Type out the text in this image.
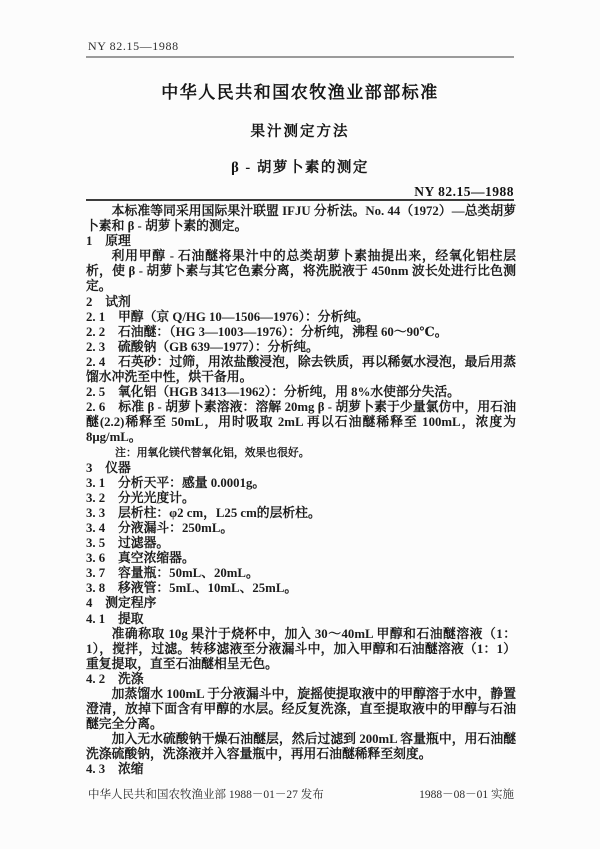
NY 82.15—1988
中华人民共和国农牧渔业部部标准
果汁测定方法
β - 胡萝卜素的测定
NY 82.15—1988

本标准等同采用国际果汁联盟 IFJU 分析法。No. 44（1972）—总类胡萝卜素和 β - 胡萝卜素的测定。

1　原理

利用甲醇 - 石油醚将果汁中的总类胡萝卜素抽提出来，经氧化铝柱层析，使 β - 胡萝卜素与其它色素分离，将洗脱液于 450nm 波长处进行比色测定。

2　试剂

2. 1　甲醇（京 Q/HG 10—1506—1976）：分析纯。

2. 2　石油醚：（HG 3—1003—1976）：分析纯，沸程 60～90℃。

2. 3　硫酸钠（GB 639—1977）：分析纯。

2. 4　石英砂：过筛，用浓盐酸浸泡，除去铁质，再以稀氨水浸泡，最后用蒸馏水冲洗至中性，烘干备用。

2. 5　氧化铝（HGB 3413—1962）：分析纯，用 8%水使部分失活。

2. 6　标准 β - 胡萝卜素溶液：溶解 20mg β - 胡萝卜素于少量氯仿中，用石油醚(2.2)稀释至 50mL，用时吸取 2mL 再以石油醚稀释至 100mL，浓度为 8μg/mL。

注：用氧化镁代替氧化铝，效果也很好。

3　仪器

3. 1　分析天平：感量 0.0001g。

3. 2　分光光度计。

3. 3　层析柱：φ2 cm，L25 cm的层析柱。

3. 4　分液漏斗：250mL。

3. 5　过滤器。

3. 6　真空浓缩器。

3. 7　容量瓶：50mL、20mL。

3. 8　移液管：5mL、10mL、25mL。

4　测定程序

4. 1　提取

准确称取 10g 果汁于烧杯中，加入 30～40mL 甲醇和石油醚溶液（1：1），搅拌，过滤。转移滤液至分液漏斗中，加入甲醇和石油醚溶液（1：1）重复提取，直至石油醚相呈无色。

4. 2　洗涤

加蒸馏水 100mL 于分液漏斗中，旋摇使提取液中的甲醇溶于水中，静置澄清，放掉下面含有甲醇的水层。经反复洗涤，直至提取液中的甲醇与石油醚完全分离。

加入无水硫酸钠干燥石油醚层，然后过滤到 200mL 容量瓶中，用石油醚洗涤硫酸钠，洗涤液并入容量瓶中，再用石油醚稀释至刻度。

4. 3　浓缩

中华人民共和国农牧渔业部 1988－01－27 发布	1988－08－01 实施
